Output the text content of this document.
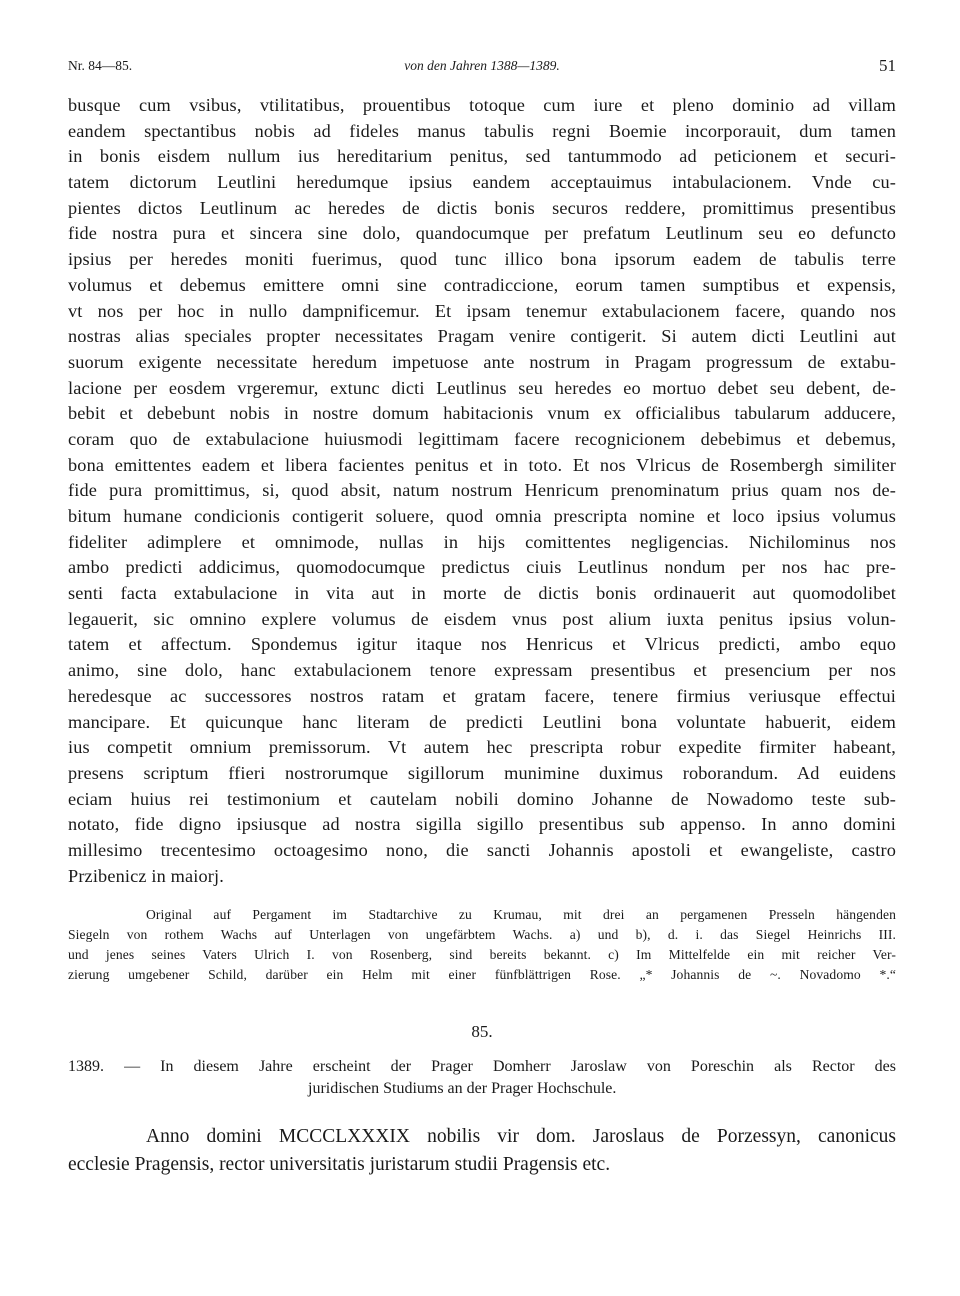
Nr. 84—85.	von den Jahren 1388—1389.	51
busque cum vsibus, vtilitatibus, prouentibus totoque cum iure et pleno dominio ad villam
eandem spectantibus nobis ad fideles manus tabulis regni Boemie incorporauit, dum tamen
in bonis eisdem nullum ius hereditarium penitus, sed tantummodo ad peticionem et securi-
tatem dictorum Leutlini heredumque ipsius eandem acceptauimus intabulacionem. Vnde cu-
pientes dictos Leutlinum ac heredes de dictis bonis securos reddere, promittimus presentibus
fide nostra pura et sincera sine dolo, quandocumque per prefatum Leutlinum seu eo defuncto
ipsius per heredes moniti fuerimus, quod tunc illico bona ipsorum eadem de tabulis terre
volumus et debemus emittere omni sine contradiccione, eorum tamen sumptibus et expensis,
vt nos per hoc in nullo dampnificemur. Et ipsam tenemur extabulacionem facere, quando nos
nostras alias speciales propter necessitates Pragam venire contigerit. Si autem dicti Leutlini aut
suorum exigente necessitate heredum impetuose ante nostrum in Pragam progressum de extabu-
lacione per eosdem vrgeremur, extunc dicti Leutlinus seu heredes eo mortuo debet seu debent, de-
bebit et debebunt nobis in nostre domum habitacionis vnum ex officialibus tabularum adducere,
coram quo de extabulacione huiusmodi legittimam facere recognicionem debebimus et debemus,
bona emittentes eadem et libera facientes penitus et in toto. Et nos Vlricus de Rosembergh similiter
fide pura promittimus, si, quod absit, natum nostrum Henricum prenominatum prius quam nos de-
bitum humane condicionis contigerit soluere, quod omnia prescripta nomine et loco ipsius volumus
fideliter adimplere et omnimode, nullas in hijs comittentes negligencias. Nichilominus nos
ambo predicti addicimus, quomodocumque predictus ciuis Leutlinus nondum per nos hac pre-
senti facta extabulacione in vita aut in morte de dictis bonis ordinauerit aut quomodolibet
legauerit, sic omnino explere volumus de eisdem vnus post alium iuxta penitus ipsius volun-
tatem et affectum. Spondemus igitur itaque nos Henricus et Vlricus predicti, ambo equo
animo, sine dolo, hanc extabulacionem tenore expressam presentibus et presencium per nos
heredesque ac successores nostros ratam et gratam facere, tenere firmius veriusque effectui
mancipare. Et quicunque hanc literam de predicti Leutlini bona voluntate habuerit, eidem
ius competit omnium premissorum. Vt autem hec prescripta robur expedite firmiter habeant,
presens scriptum ffieri nostrorumque sigillorum munimine duximus roborandum. Ad euidens
eciam huius rei testimonium et cautelam nobili domino Johanne de Nowadomo teste sub-
notato, fide digno ipsiusque ad nostra sigilla sigillo presentibus sub appenso. In anno domini
millesimo trecentesimo octoagesimo nono, die sancti Johannis apostoli et ewangeliste, castro
Przibenicz in maiorj.
Original auf Pergament im Stadtarchive zu Krumau, mit drei an pergamenen Presseln hängenden
Siegeln von rothem Wachs auf Unterlagen von ungefärbtem Wachs. a) und b), d. i. das Siegel Heinrichs III.
und jenes seines Vaters Ulrich I. von Rosenberg, sind bereits bekannt. c) Im Mittelfelde ein mit reicher Ver-
zierung umgebener Schild, darüber ein Helm mit einer fünfblättrigen Rose. „* Johannis de ~. Novadomo *.“
85.
1389. — In diesem Jahre erscheint der Prager Domherr Jaroslaw von Poreschin als Rector des
juridischen Studiums an der Prager Hochschule.
Anno domini MCCCLXXXIX nobilis vir dom. Jaroslaus de Porzessyn, canonicus
ecclesie Pragensis, rector universitatis juristarum studii Pragensis etc.
